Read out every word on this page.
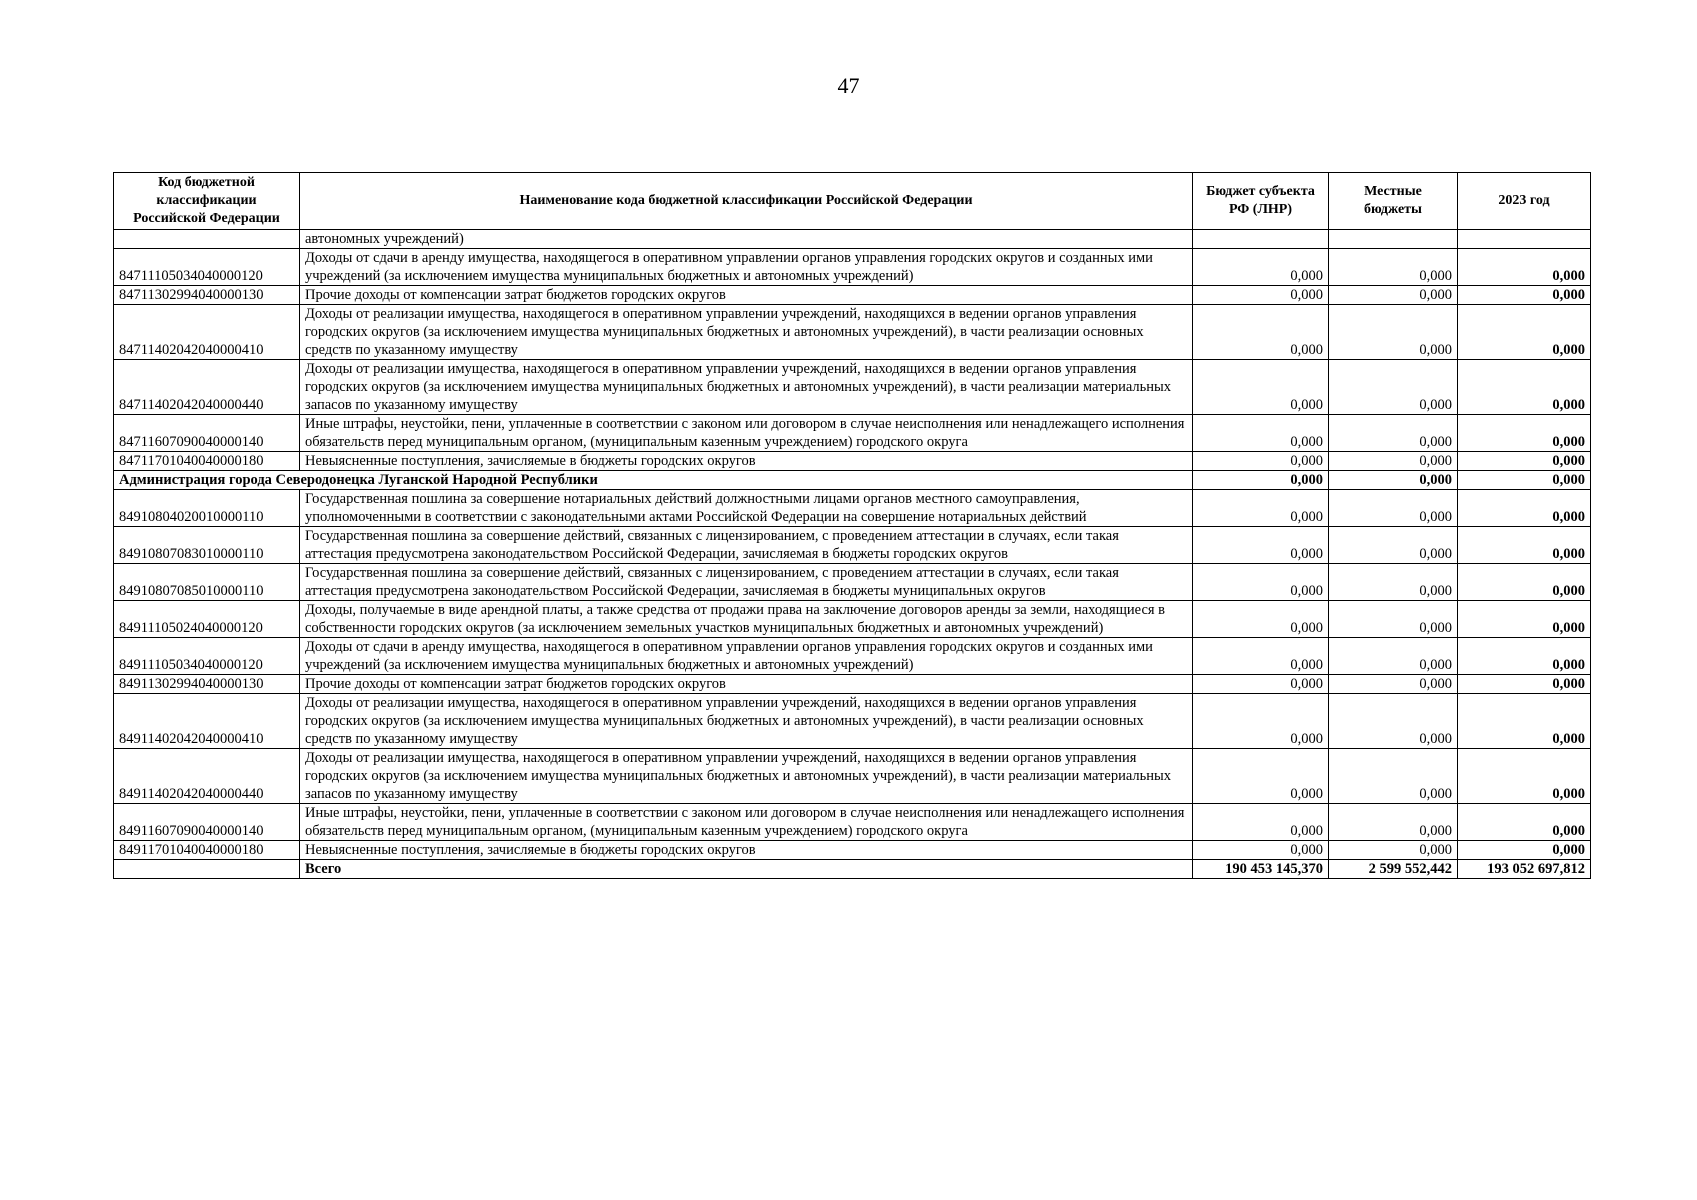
47
Код бюджетной классификации Российской Федерации	Наименование кода бюджетной классификации Российской Федерации	Бюджет субъекта РФ (ЛНР)	Местные бюджеты	2023 год
	автономных учреждений)			
84711105034040000120	Доходы от сдачи в аренду имущества, находящегося в оперативном управлении органов управления городских округов и созданных ими учреждений (за исключением имущества муниципальных бюджетных и автономных учреждений)	0,000	0,000	0,000
84711302994040000130	Прочие доходы от компенсации затрат бюджетов городских округов	0,000	0,000	0,000
84711402042040000410	Доходы от реализации имущества, находящегося в оперативном управлении учреждений, находящихся в ведении органов управления городских округов (за исключением имущества муниципальных бюджетных и автономных учреждений), в части реализации основных средств по указанному имуществу	0,000	0,000	0,000
84711402042040000440	Доходы от реализации имущества, находящегося в оперативном управлении учреждений, находящихся в ведении органов управления городских округов (за исключением имущества муниципальных бюджетных и автономных учреждений), в части реализации материальных запасов по указанному имуществу	0,000	0,000	0,000
84711607090040000140	Иные штрафы, неустойки, пени, уплаченные в соответствии с законом или договором в случае неисполнения или ненадлежащего исполнения обязательств перед муниципальным органом, (муниципальным казенным учреждением) городского округа	0,000	0,000	0,000
84711701040040000180	Невыясненные поступления, зачисляемые в бюджеты городских округов	0,000	0,000	0,000
Администрация города Северодонецка Луганской Народной Республики		0,000	0,000	0,000
84910804020010000110	Государственная пошлина за совершение нотариальных действий должностными лицами органов местного самоуправления, уполномоченными в соответствии с законодательными актами Российской Федерации на совершение нотариальных действий	0,000	0,000	0,000
84910807083010000110	Государственная пошлина за совершение действий, связанных с лицензированием, с проведением аттестации в случаях, если такая аттестация предусмотрена законодательством Российской Федерации, зачисляемая в бюджеты городских округов	0,000	0,000	0,000
84910807085010000110	Государственная пошлина за совершение действий, связанных с лицензированием, с проведением аттестации в случаях, если такая аттестация предусмотрена законодательством Российской Федерации, зачисляемая в бюджеты муниципальных округов	0,000	0,000	0,000
84911105024040000120	Доходы, получаемые в виде арендной платы, а также средства от продажи права на заключение договоров аренды за земли, находящиеся в собственности городских округов (за исключением земельных участков муниципальных бюджетных и автономных учреждений)	0,000	0,000	0,000
84911105034040000120	Доходы от сдачи в аренду имущества, находящегося в оперативном управлении органов управления городских округов и созданных ими учреждений (за исключением имущества муниципальных бюджетных и автономных учреждений)	0,000	0,000	0,000
84911302994040000130	Прочие доходы от компенсации затрат бюджетов городских округов	0,000	0,000	0,000
84911402042040000410	Доходы от реализации имущества, находящегося в оперативном управлении учреждений, находящихся в ведении органов управления городских округов (за исключением имущества муниципальных бюджетных и автономных учреждений), в части реализации основных средств по указанному имуществу	0,000	0,000	0,000
84911402042040000440	Доходы от реализации имущества, находящегося в оперативном управлении учреждений, находящихся в ведении органов управления городских округов (за исключением имущества муниципальных бюджетных и автономных учреждений), в части реализации материальных запасов по указанному имуществу	0,000	0,000	0,000
84911607090040000140	Иные штрафы, неустойки, пени, уплаченные в соответствии с законом или договором в случае неисполнения или ненадлежащего исполнения обязательств перед муниципальным органом, (муниципальным казенным учреждением) городского округа	0,000	0,000	0,000
84911701040040000180	Невыясненные поступления, зачисляемые в бюджеты городских округов	0,000	0,000	0,000
	Всего	190 453 145,370	2 599 552,442	193 052 697,812
